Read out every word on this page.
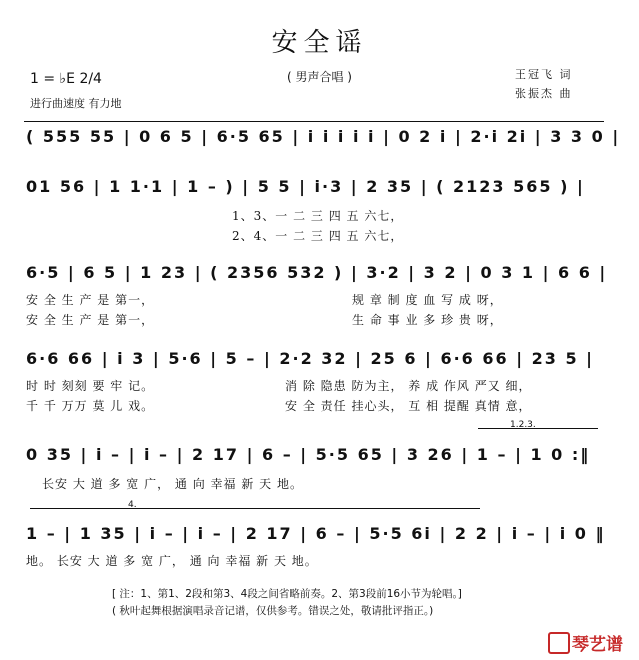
安全谣
( 男声合唱 )
1 = ♭E 2/4
进行曲速度 有力地
王冠飞 词
张振杰 曲
( 555 55 | 0 6 5 | 6·5 65 | i i i i i | 0 2 i | 2·i 2i | 3 3 0 |
01 56 | 1 1·1 | 1 – ) | 5 5 | i·3 | 2 35 | ( 2123 565 ) |
1、3、一 二 三 四 五 六七，
2、4、一 二 三 四 五 六七，
6·5 | 6 5 | 1 23 | ( 2356 532 ) | 3·2 | 3 2 | 0 3 1 | 6 6 |
安 全 生 产 是 第一，	规 章 制 度 血 写 成 呀，
安 全 生 产 是 第一，	生 命 事 业 多 珍 贵 呀，
6·6 66 | i 3 | 5·6 | 5 – | 2·2 32 | 25 6 | 6·6 66 | 23 5 |
时 时 刻刻 要 牢 记。	消 除 隐患 防为主， 养 成 作风 严又 细，
千 千 万万 莫 儿 戏。	安 全 责任 挂心头， 互 相 提醒 真情 意，
1.2.3.
0 35 | i – | i – | 2 17 | 6 – | 5·5 65 | 3 26 | 1 – | 1 0 :‖
长安 大 道 多 宽 广， 通 向 幸福 新 天 地。
4.
1 – | 1 35 | i – | i – | 2 17 | 6 – | 5·5 6i | 2 2 | i – | i 0 ‖
地。 长安 大 道 多 宽 广， 通 向 幸福 新 天 地。
[ 注：1、第1、2段和第3、4段之间省略前奏。2、第3段前16小节为轮唱。]
( 秋叶起舞根据演唱录音记谱，仅供参考。错误之处，敬请批评指正。)
琴艺谱
